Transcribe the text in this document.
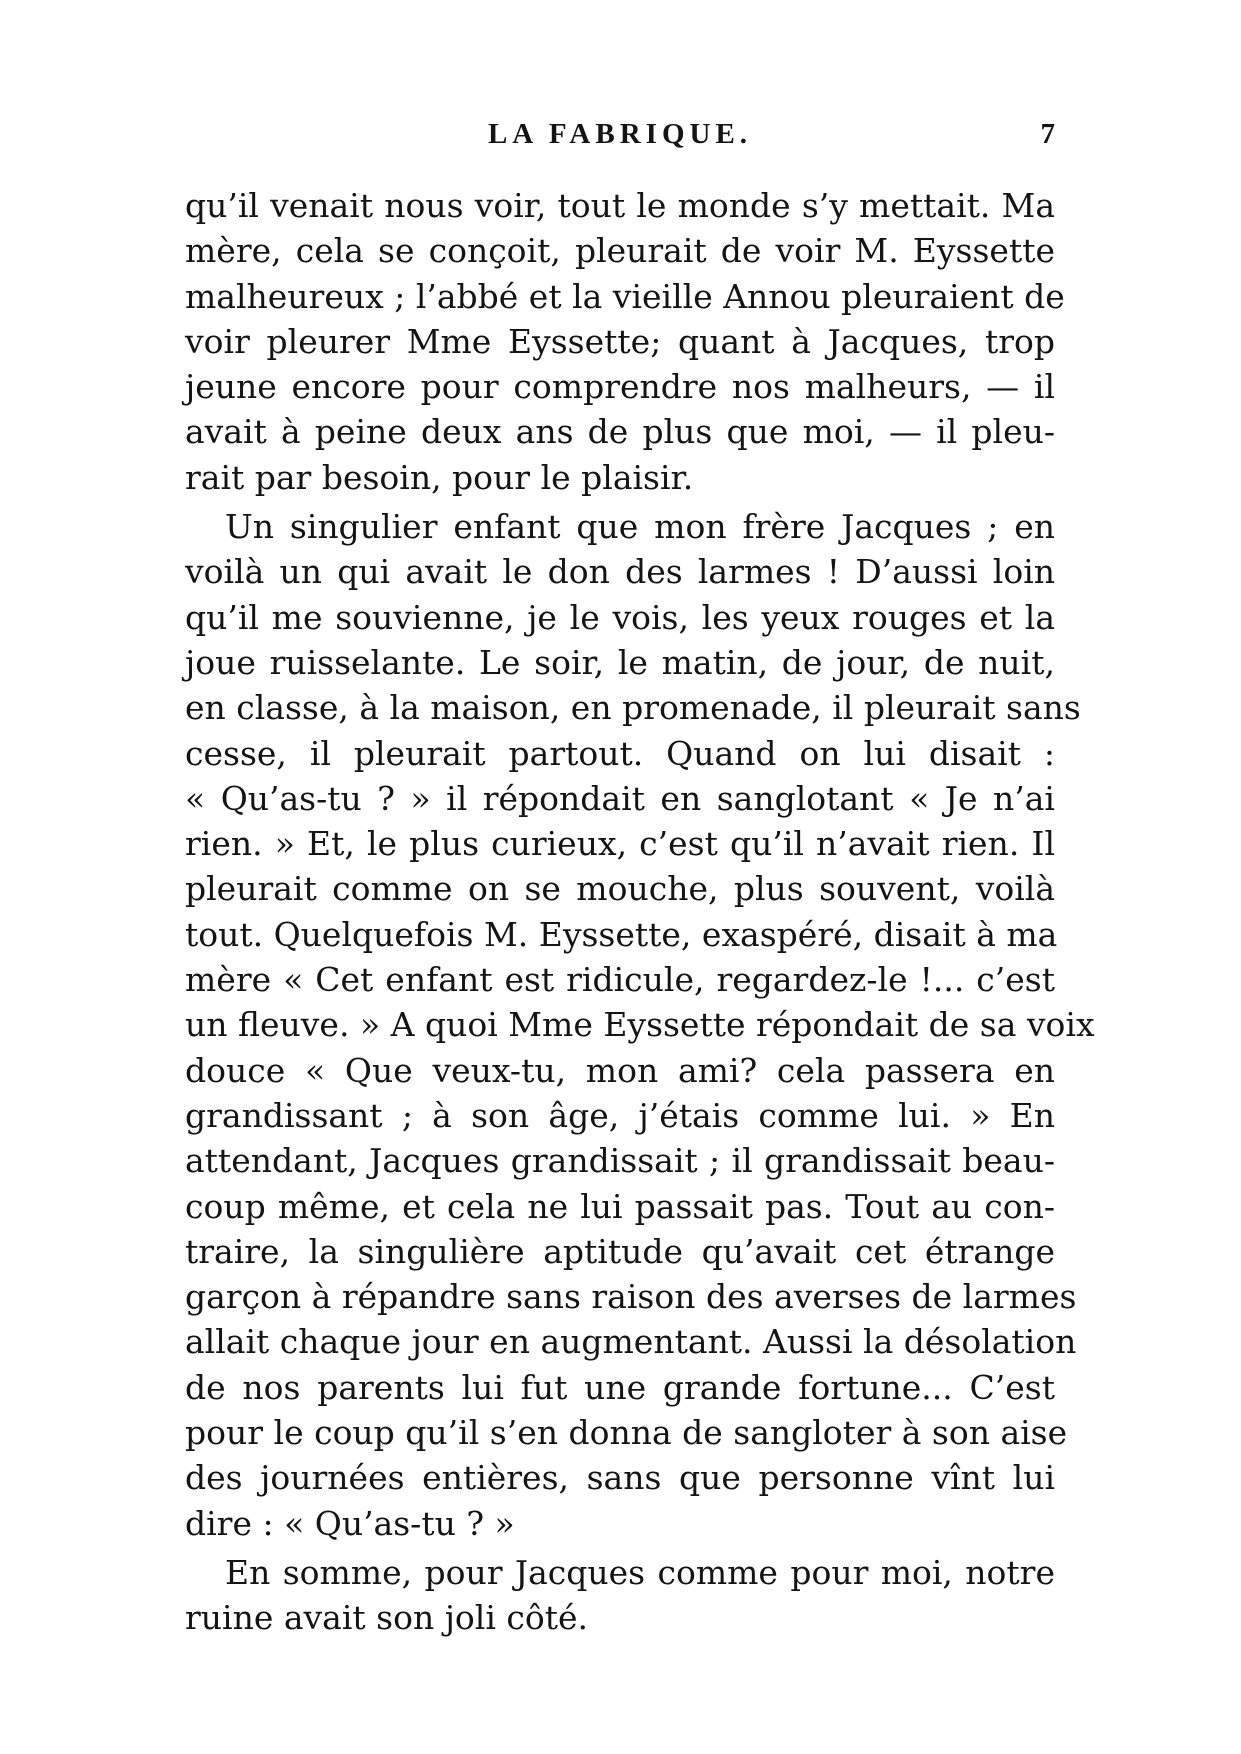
LA FABRIQUE.	7
qu’il venait nous voir, tout le monde s’y mettait. Ma
mère, cela se conçoit, pleurait de voir M. Eyssette
malheureux ; l’abbé et la vieille Annou pleuraient de
voir pleurer Mme Eyssette; quant à Jacques, trop
jeune encore pour comprendre nos malheurs, — il
avait à peine deux ans de plus que moi, — il pleu-
rait par besoin, pour le plaisir.
Un singulier enfant que mon frère Jacques ; en
voilà un qui avait le don des larmes ! D’aussi loin
qu’il me souvienne, je le vois, les yeux rouges et la
joue ruisselante. Le soir, le matin, de jour, de nuit,
en classe, à la maison, en promenade, il pleurait sans
cesse, il pleurait partout. Quand on lui disait :
« Qu’as-tu ? » il répondait en sanglotant « Je n’ai
rien. » Et, le plus curieux, c’est qu’il n’avait rien. Il
pleurait comme on se mouche, plus souvent, voilà
tout. Quelquefois M. Eyssette, exaspéré, disait à ma
mère « Cet enfant est ridicule, regardez-le !... c’est
un fleuve. » A quoi Mme Eyssette répondait de sa voix
douce « Que veux-tu, mon ami? cela passera en
grandissant ; à son âge, j’étais comme lui. » En
attendant, Jacques grandissait ; il grandissait beau-
coup même, et cela ne lui passait pas. Tout au con-
traire, la singulière aptitude qu’avait cet étrange
garçon à répandre sans raison des averses de larmes
allait chaque jour en augmentant. Aussi la désolation
de nos parents lui fut une grande fortune... C’est
pour le coup qu’il s’en donna de sangloter à son aise
des journées entières, sans que personne vînt lui
dire : « Qu’as-tu ? »
En somme, pour Jacques comme pour moi, notre
ruine avait son joli côté.
